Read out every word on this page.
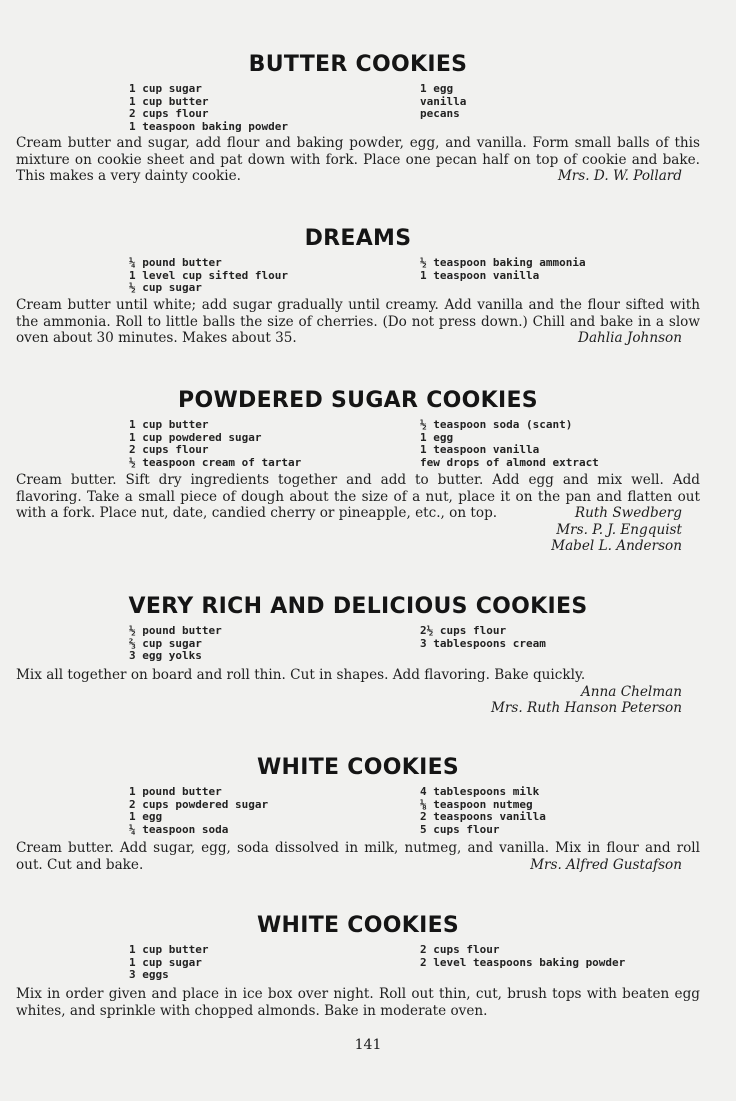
BUTTER COOKIES
1 cup sugar
1 cup butter
2 cups flour
1 teaspoon baking powder
1 egg
vanilla
pecans
Cream butter and sugar, add flour and baking powder, egg, and vanilla. Form small balls of this mixture on cookie sheet and pat down with fork. Place one pecan half on top of cookie and bake. This makes a very dainty cookie.	Mrs. D. W. Pollard
DREAMS
¼ pound butter
1 level cup sifted flour
½ cup sugar
½ teaspoon baking ammonia
1 teaspoon vanilla
Cream butter until white; add sugar gradually until creamy. Add vanilla and the flour sifted with the ammonia. Roll to little balls the size of cherries. (Do not press down.) Chill and bake in a slow oven about 30 minutes. Makes about 35.	Dahlia Johnson
POWDERED SUGAR COOKIES
1 cup butter
1 cup powdered sugar
2 cups flour
½ teaspoon cream of tartar
½ teaspoon soda (scant)
1 egg
1 teaspoon vanilla
few drops of almond extract
Cream butter. Sift dry ingredients together and add to butter. Add egg and mix well. Add flavoring. Take a small piece of dough about the size of a nut, place it on the pan and flatten out with a fork. Place nut, date, candied cherry or pineapple, etc., on top.	Ruth Swedberg
Mrs. P. J. Engquist
Mabel L. Anderson
VERY RICH AND DELICIOUS COOKIES
½ pound butter
⅔ cup sugar
3 egg yolks
2½ cups flour
3 tablespoons cream
Mix all together on board and roll thin. Cut in shapes. Add flavoring. Bake quickly.
Anna Chelman
Mrs. Ruth Hanson Peterson
WHITE COOKIES
1 pound butter
2 cups powdered sugar
1 egg
¼ teaspoon soda
4 tablespoons milk
⅛ teaspoon nutmeg
2 teaspoons vanilla
5 cups flour
Cream butter. Add sugar, egg, soda dissolved in milk, nutmeg, and vanilla. Mix in flour and roll out. Cut and bake.	Mrs. Alfred Gustafson
WHITE COOKIES
1 cup butter
1 cup sugar
3 eggs
2 cups flour
2 level teaspoons baking powder
Mix in order given and place in ice box over night. Roll out thin, cut, brush tops with beaten egg whites, and sprinkle with chopped almonds. Bake in moderate oven.
141
